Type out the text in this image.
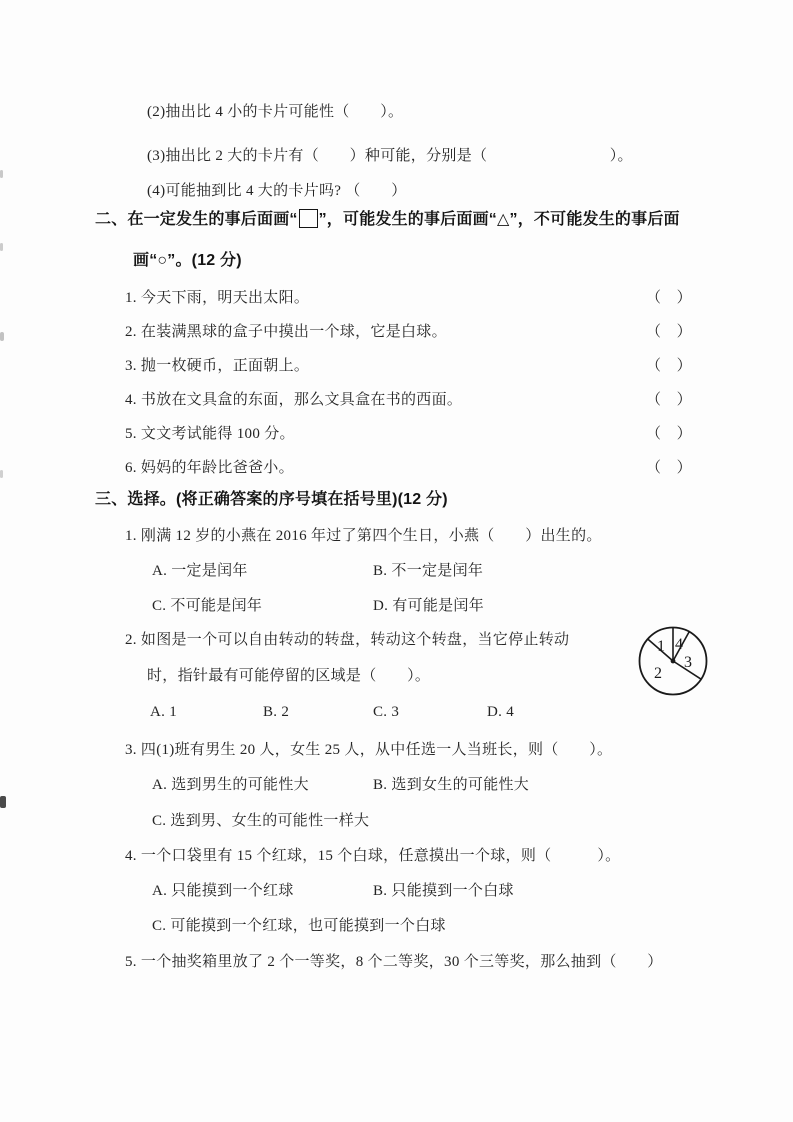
(2)抽出比 4 小的卡片可能性（　　）。
(3)抽出比 2 大的卡片有（　　）种可能，分别是（　　　　　　　　）。
(4)可能抽到比 4 大的卡片吗? （　　）
二、在一定发生的事后面画“ ”，可能发生的事后面画“△”，不可能发生的事后面
画“○”。(12 分)
1. 今天下雨，明天出太阳。	（　）
2. 在装满黑球的盒子中摸出一个球，它是白球。	（　）
3. 抛一枚硬币，正面朝上。	（　）
4. 书放在文具盒的东面，那么文具盒在书的西面。	（　）
5. 文文考试能得 100 分。	（　）
6. 妈妈的年龄比爸爸小。	（　）
三、选择。(将正确答案的序号填在括号里)(12 分)
1. 刚满 12 岁的小燕在 2016 年过了第四个生日，小燕（　　）出生的。
A. 一定是闰年	B. 不一定是闰年
C. 不可能是闰年	D. 有可能是闰年
2. 如图是一个可以自由转动的转盘，转动这个转盘，当它停止转动
时，指针最有可能停留的区域是（　　）。
A. 1	B. 2	C. 3	D. 4
1 4
3
2
3. 四(1)班有男生 20 人，女生 25 人，从中任选一人当班长，则（　　）。
A. 选到男生的可能性大	B. 选到女生的可能性大
C. 选到男、女生的可能性一样大
4. 一个口袋里有 15 个红球，15 个白球，任意摸出一个球，则（　　　）。
A. 只能摸到一个红球	B. 只能摸到一个白球
C. 可能摸到一个红球，也可能摸到一个白球
5. 一个抽奖箱里放了 2 个一等奖，8 个二等奖，30 个三等奖，那么抽到（　　）
